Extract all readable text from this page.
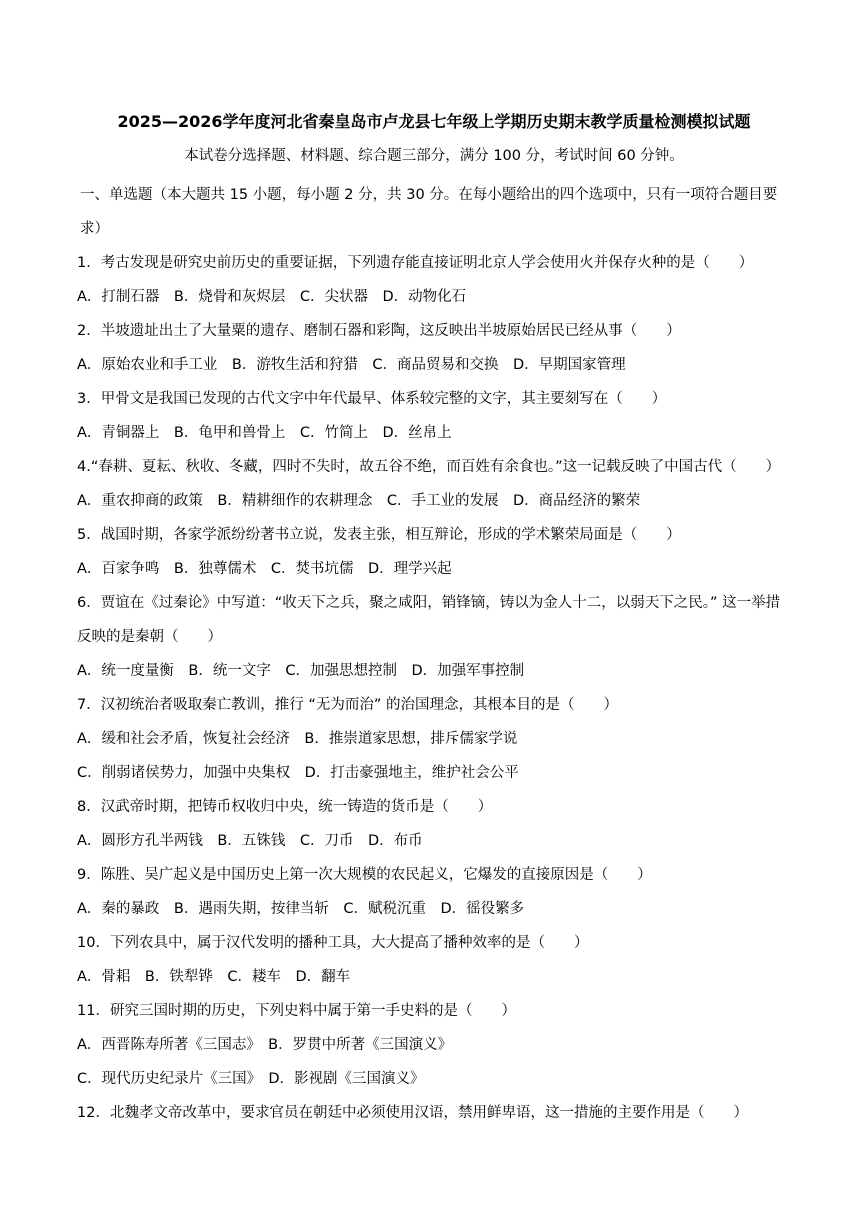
2025—2026学年度河北省秦皇岛市卢龙县七年级上学期历史期末教学质量检测模拟试题
本试卷分选择题、材料题、综合题三部分，满分 100 分，考试时间 60 分钟。
一、单选题（本大题共 15 小题，每小题 2 分，共 30 分。在每小题给出的四个选项中，只有一项符合题目要求）
1．考古发现是研究史前历史的重要证据，下列遗存能直接证明北京人学会使用火并保存火种的是（　　）
A．打制石器　B．烧骨和灰烬层　C．尖状器　D．动物化石
2．半坡遗址出土了大量粟的遗存、磨制石器和彩陶，这反映出半坡原始居民已经从事（　　）
A．原始农业和手工业　B．游牧生活和狩猎　C．商品贸易和交换　D．早期国家管理
3．甲骨文是我国已发现的古代文字中年代最早、体系较完整的文字，其主要刻写在（　　）
A．青铜器上　B．龟甲和兽骨上　C．竹简上　D．丝帛上
4.“春耕、夏耘、秋收、冬藏，四时不失时，故五谷不绝，而百姓有余食也。”这一记载反映了中国古代（　　）
A．重农抑商的政策　B．精耕细作的农耕理念　C．手工业的发展　D．商品经济的繁荣
5．战国时期，各家学派纷纷著书立说，发表主张，相互辩论，形成的学术繁荣局面是（　　）
A．百家争鸣　B．独尊儒术　C．焚书坑儒　D．理学兴起
6．贾谊在《过秦论》中写道：“收天下之兵，聚之咸阳，销锋镝，铸以为金人十二，以弱天下之民。” 这一举措反映的是秦朝（　　）
A．统一度量衡　B．统一文字　C．加强思想控制　D．加强军事控制
7．汉初统治者吸取秦亡教训，推行 “无为而治” 的治国理念，其根本目的是（　　）
A．缓和社会矛盾，恢复社会经济　B．推崇道家思想，排斥儒家学说
C．削弱诸侯势力，加强中央集权　D．打击豪强地主，维护社会公平
8．汉武帝时期，把铸币权收归中央，统一铸造的货币是（　　）
A．圆形方孔半两钱　B．五铢钱　C．刀币　D．布币
9．陈胜、吴广起义是中国历史上第一次大规模的农民起义，它爆发的直接原因是（　　）
A．秦的暴政　B．遇雨失期，按律当斩　C．赋税沉重　D．徭役繁多
10．下列农具中，属于汉代发明的播种工具，大大提高了播种效率的是（　　）
A．骨耜　B．铁犁铧　C．耧车　D．翻车
11．研究三国时期的历史，下列史料中属于第一手史料的是（　　）
A．西晋陈寿所著《三国志》　B．罗贯中所著《三国演义》
C．现代历史纪录片《三国》　D．影视剧《三国演义》
12．北魏孝文帝改革中，要求官员在朝廷中必须使用汉语，禁用鲜卑语，这一措施的主要作用是（　　）
